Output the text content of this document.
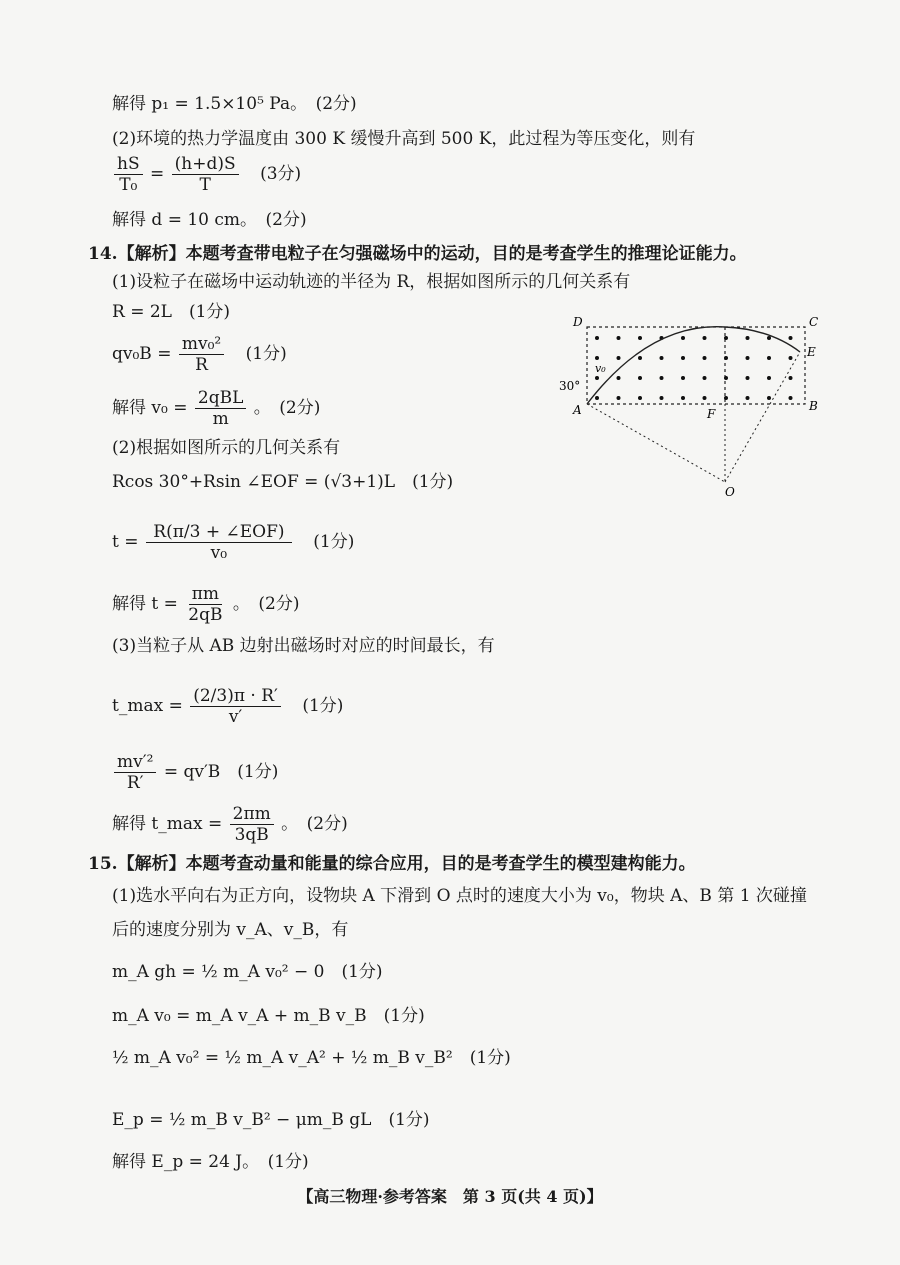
解得 p₁ = 1.5×10⁵ Pa。　(2分)
(2)环境的热力学温度由 300 K 缓慢升高到 500 K，此过程为等压变化，则有
$\frac{hS}{\text{T₀}} = \frac{(h+d)S}{T} (3$分)
解得 d = 10 cm。　(2分)
14.【解析】本题考查带电粒子在匀强磁场中的运动，目的是考查学生的推理论证能力。
(1)设粒子在磁场中运动轨迹的半径为 R，根据如图所示的几何关系有
R = 2L　(1分)
$qv_0B = \frac{\text{mv₀²}}{R} (1$分)
解得 $v_0 = \frac{\text{2qBL}}{m}$ 。　(2分)
(2)根据如图所示的几何关系有
Rcos 30°+Rsin ∠EOF = (√3+1)L　(1分)
$t = \frac{\text{R(π/3 + ∠EOF)}}{\text{v₀}} (1$分)
解得 $t = \frac{\pi m}{2qB}$ 。　(2分)
(3)当粒子从 AB 边射出磁场时对应的时间最长，有
t_max = $\frac{(2/3)\pi \cdot R'}{v'} (1$分)
$\frac{\text{mv′²}}{R'} = qv'B$　(1分)
解得 t_max = $\frac{2\pi m}{3qB}$ 。　(2分)
15.【解析】本题考查动量和能量的综合应用，目的是考查学生的模型建构能力。
(1)选水平向右为正方向，设物块 A 下滑到 O 点时的速度大小为 v₀，物块 A、B 第 1 次碰撞
后的速度分别为 v_A、v_B，有
m_A gh = ½ m_A v₀² − 0　(1分)
m_A v₀ = m_A v_A + m_B v_B　(1分)
½ m_A v₀² = ½ m_A v_A² + ½ m_B v_B²　(1分)
E_p = ½ m_B v_B² − μm_B gL　(1分)
解得 E_p = 24 J。　(1分)
D	C
E
A	B
F
O
30°
v₀
【高三物理·参考答案　第 3 页(共 4 页)】
